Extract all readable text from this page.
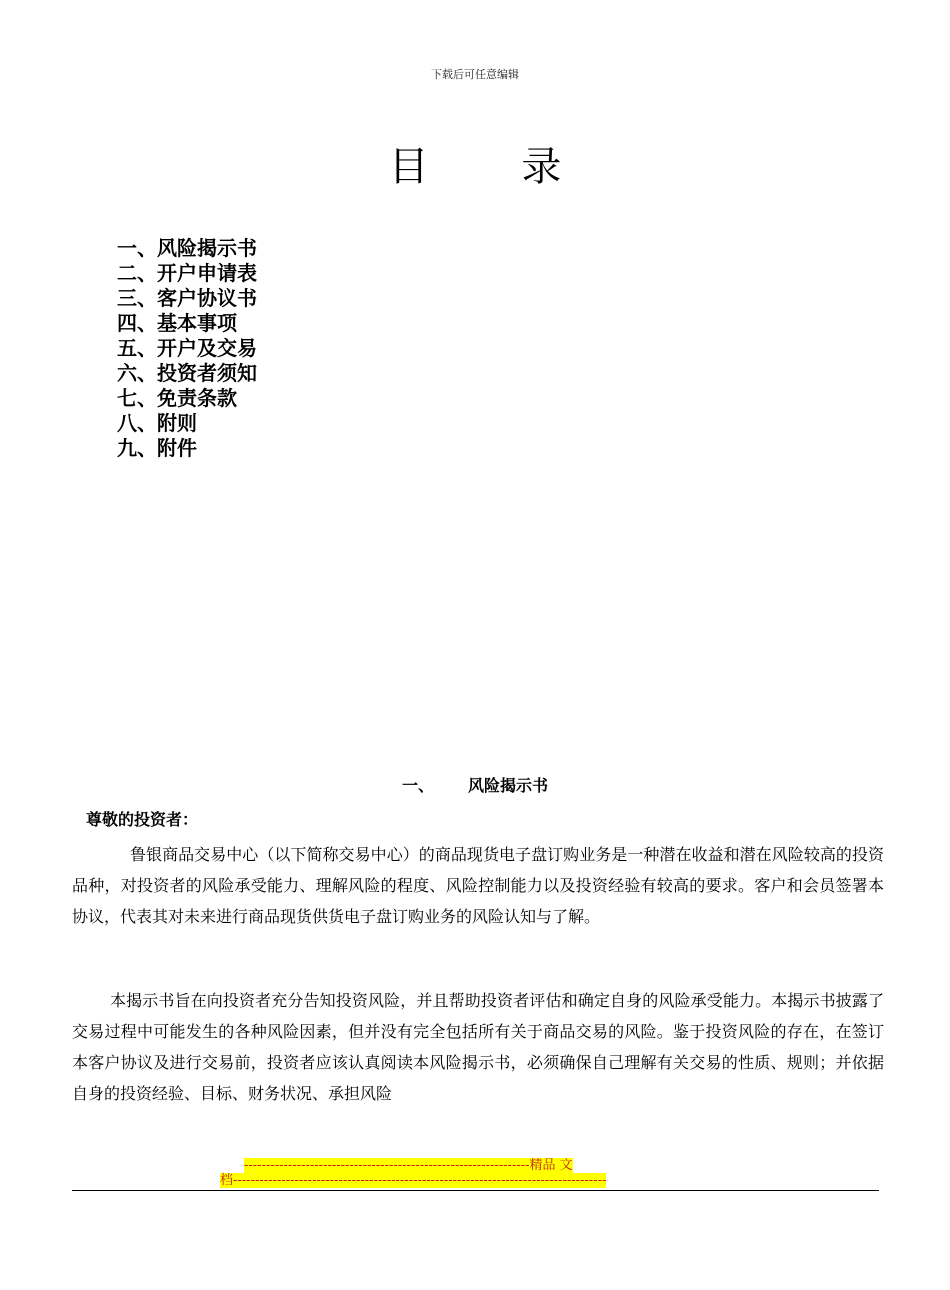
下载后可任意编辑
目 录
一、风险揭示书
二、开户申请表
三、客户协议书
四、基本事项
五、开户及交易
六、投资者须知
七、免责条款
八、附则
九、附件
一、 风险揭示书
尊敬的投资者：

鲁银商品交易中心（以下简称交易中心）的商品现货电子盘订购业务是一种潜在收益和潜在风险较高的投资品种，对投资者的风险承受能力、理解风险的程度、风险控制能力以及投资经验有较高的要求。客户和会员签署本协议，代表其对未来进行商品现货供货电子盘订购业务的风险认知与了解。

本揭示书旨在向投资者充分告知投资风险，并且帮助投资者评估和确定自身的风险承受能力。本揭示书披露了交易过程中可能发生的各种风险因素，但并没有完全包括所有关于商品交易的风险。鉴于投资风险的存在，在签订本客户协议及进行交易前，投资者应该认真阅读本风险揭示书，必须确保自己理解有关交易的性质、规则；并依据自身的投资经验、目标、财务状况、承担风险

-----------------------------------------------------------------精品 文
档-------------------------------------------------------------------------------------
